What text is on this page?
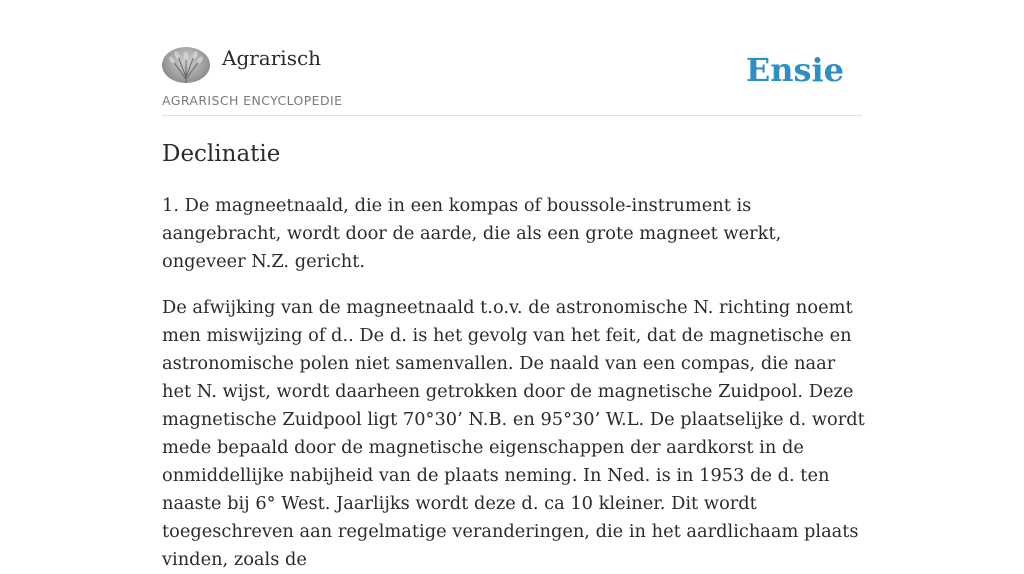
Agrarisch
AGRARISCH ENCYCLOPEDIE
Ensie
Declinatie

1. De magneetnaald, die in een kompas of boussole-instrument is aangebracht, wordt door de aarde, die als een grote magneet werkt, ongeveer N.Z. gericht.

De afwijking van de magneetnaald t.o.v. de astronomische N. richting noemt men miswijzing of d.. De d. is het gevolg van het feit, dat de magnetische en astronomische polen niet samenvallen. De naald van een compas, die naar het N. wijst, wordt daarheen getrokken door de magnetische Zuidpool. Deze magnetische Zuidpool ligt 70°30’ N.B. en 95°30’ W.L. De plaatselijke d. wordt mede bepaald door de magnetische eigenschappen der aardkorst in de onmiddellijke nabijheid van de plaats neming. In Ned. is in 1953 de d. ten naaste bij 6° West. Jaarlijks wordt deze d. ca 10 kleiner. Dit wordt toegeschreven aan regelmatige veranderingen, die in het aardlichaam plaats vinden, zoals de
